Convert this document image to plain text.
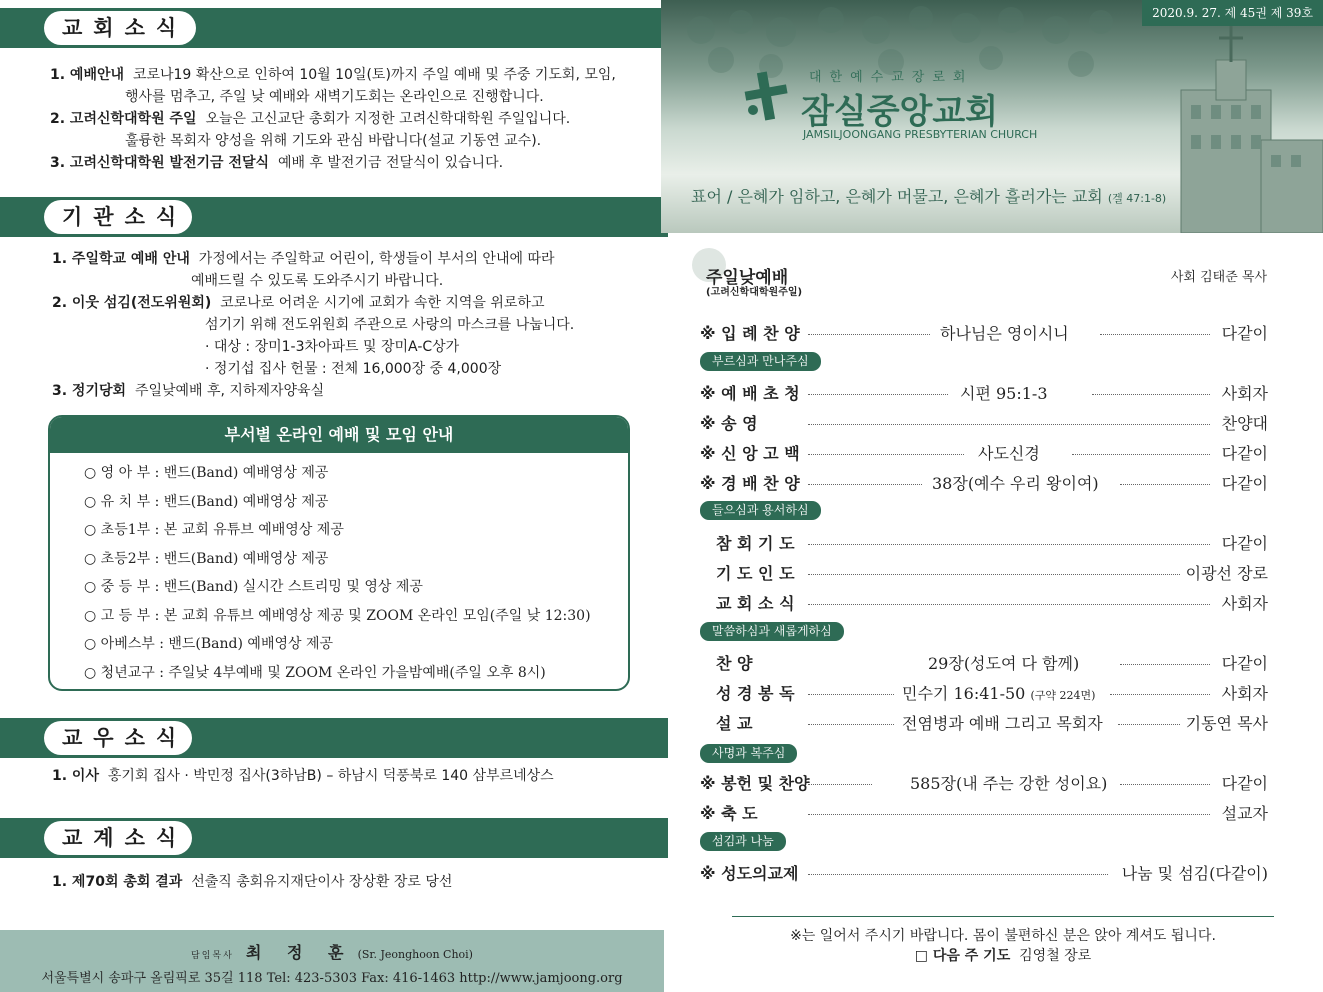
교회소식
1. 예배안내 코로나19 확산으로 인하여 10월 10일(토)까지 주일 예배 및 주중 기도회, 모임,
행사를 멈추고, 주일 낮 예배와 새벽기도회는 온라인으로 진행합니다.
2. 고려신학대학원 주일 오늘은 고신교단 총회가 지정한 고려신학대학원 주일입니다.
훌륭한 목회자 양성을 위해 기도와 관심 바랍니다(설교 기동연 교수).
3. 고려신학대학원 발전기금 전달식 예배 후 발전기금 전달식이 있습니다.
기관소식
1. 주일학교 예배 안내 가정에서는 주일학교 어린이, 학생들이 부서의 안내에 따라
예배드릴 수 있도록 도와주시기 바랍니다.
2. 이웃 섬김(전도위원회) 코로나로 어려운 시기에 교회가 속한 지역을 위로하고
섬기기 위해 전도위원회 주관으로 사랑의 마스크를 나눕니다.
· 대상 : 장미1-3차아파트 및 장미A-C상가
· 정기섭 집사 헌물 : 전체 16,000장 중 4,000장
3. 정기당회 주일낮예배 후, 지하제자양육실
부서별 온라인 예배 및 모임 안내
○ 영 아 부 : 밴드(Band) 예배영상 제공
○ 유 치 부 : 밴드(Band) 예배영상 제공
○ 초등1부 : 본 교회 유튜브 예배영상 제공
○ 초등2부 : 밴드(Band) 예배영상 제공
○ 중 등 부 : 밴드(Band) 실시간 스트리밍 및 영상 제공
○ 고 등 부 : 본 교회 유튜브 예배영상 제공 및 ZOOM 온라인 모임(주일 낮 12:30)
○ 아베스부 : 밴드(Band) 예배영상 제공
○ 청년교구 : 주일낮 4부예배 및 ZOOM 온라인 가을밤예배(주일 오후 8시)
교우소식
1. 이사 홍기회 집사 · 박민정 집사(3하남B) – 하남시 덕풍북로 140 삼부르네상스
교계소식
1. 제70회 총회 결과 선출직 총회유지재단이사 장상환 장로 당선
담임목사 최 정 훈 (Sr. Jeonghoon Choi)
서울특별시 송파구 올림픽로 35길 118 Tel: 423-5303 Fax: 416-1463 http://www.jamjoong.org
2020.9. 27. 제 45권 제 39호
대한예수교장로회
잠실중앙교회
JAMSILJOONGANG PRESBYTERIAN CHURCH
표어 / 은혜가 임하고, 은혜가 머물고, 은혜가 흘러가는 교회 (겔 47:1-8)
주일낮예배
(고려신학대학원주일)
사회 김태준 목사
※ 입 례 찬 양	하나님은 영이시니	다같이
부르심과 만나주심
※ 예 배 초 청	시편 95:1-3	사회자
※ 송 영	찬양대
※ 신 앙 고 백	사도신경	다같이
※ 경 배 찬 양	38장(예수 우리 왕이여)	다같이
들으심과 용서하심
참 회 기 도	다같이
기 도 인 도	이광선 장로
교 회 소 식	사회자
말씀하심과 새롭게하심
찬 양	29장(성도여 다 함께)	다같이
성 경 봉 독	민수기 16:41-50 (구약 224면)	사회자
설 교	전염병과 예배 그리고 목회자	기동연 목사
사명과 복주심
※ 봉헌 및 찬양	585장(내 주는 강한 성이요)	다같이
※ 축 도	설교자
섬김과 나눔
※ 성도의교제	나눔 및 섬김(다같이)
※는 일어서 주시기 바랍니다. 몸이 불편하신 분은 앉아 계셔도 됩니다.
□ 다음 주 기도 김영철 장로
